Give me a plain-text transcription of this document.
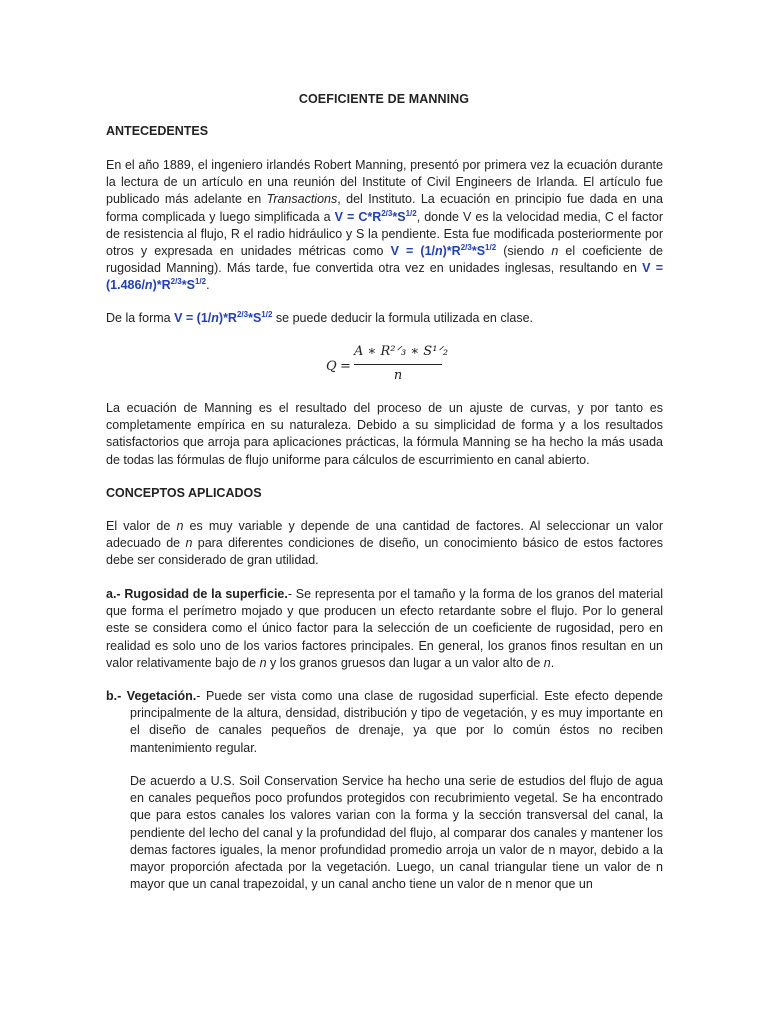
COEFICIENTE DE MANNING
ANTECEDENTES
En el año 1889, el ingeniero irlandés Robert Manning, presentó por primera vez la ecuación durante la lectura de un artículo en una reunión del Institute of Civil Engineers de Irlanda. El artículo fue publicado más adelante en Transactions, del Instituto. La ecuación en principio fue dada en una forma complicada y luego simplificada a $V = C*R^{2/3}*S^{1/2}$, donde V es la velocidad media, C el factor de resistencia al flujo, R el radio hidráulico y S la pendiente. Esta fue modificada posteriormente por otros y expresada en unidades métricas como $V = (1/n)*R^{2/3}*S^{1/2}$ (siendo n el coeficiente de rugosidad Manning). Más tarde, fue convertida otra vez en unidades inglesas, resultando en $V = (1.486/n)*R^{2/3}*S^{1/2}$.
De la forma $V = (1/n)*R^{2/3}*S^{1/2}$ se puede deducir la formula utilizada en clase.
Q =
A ∗ R²ᐟ₃ ∗ S¹ᐟ₂
n
La ecuación de Manning es el resultado del proceso de un ajuste de curvas, y por tanto es completamente empírica en su naturaleza. Debido a su simplicidad de forma y a los resultados satisfactorios que arroja para aplicaciones prácticas, la fórmula Manning se ha hecho la más usada de todas las fórmulas de flujo uniforme para cálculos de escurrimiento en canal abierto.
CONCEPTOS APLICADOS
El valor de n es muy variable y depende de una cantidad de factores. Al seleccionar un valor adecuado de n para diferentes condiciones de diseño, un conocimiento básico de estos factores debe ser considerado de gran utilidad.
a.- Rugosidad de la superficie.- Se representa por el tamaño y la forma de los granos del material que forma el perímetro mojado y que producen un efecto retardante sobre el flujo. Por lo general este se considera como el único factor para la selección de un coeficiente de rugosidad, pero en realidad es solo uno de los varios factores principales. En general, los granos finos resultan en un valor relativamente bajo de n y los granos gruesos dan lugar a un valor alto de n.
b.- Vegetación.- Puede ser vista como una clase de rugosidad superficial. Este efecto depende principalmente de la altura, densidad, distribución y tipo de vegetación, y es muy importante en el diseño de canales pequeños de drenaje, ya que por lo común éstos no reciben mantenimiento regular.
De acuerdo a U.S. Soil Conservation Service ha hecho una serie de estudios del flujo de agua en canales pequeños poco profundos protegidos con recubrimiento vegetal. Se ha encontrado que para estos canales los valores varian con la forma y la sección transversal del canal, la pendiente del lecho del canal y la profundidad del flujo, al comparar dos canales y mantener los demas factores iguales, la menor profundidad promedio arroja un valor de n mayor, debido a la mayor proporción afectada por la vegetación. Luego, un canal triangular tiene un valor de n mayor que un canal trapezoidal, y un canal ancho tiene un valor de n menor que un
